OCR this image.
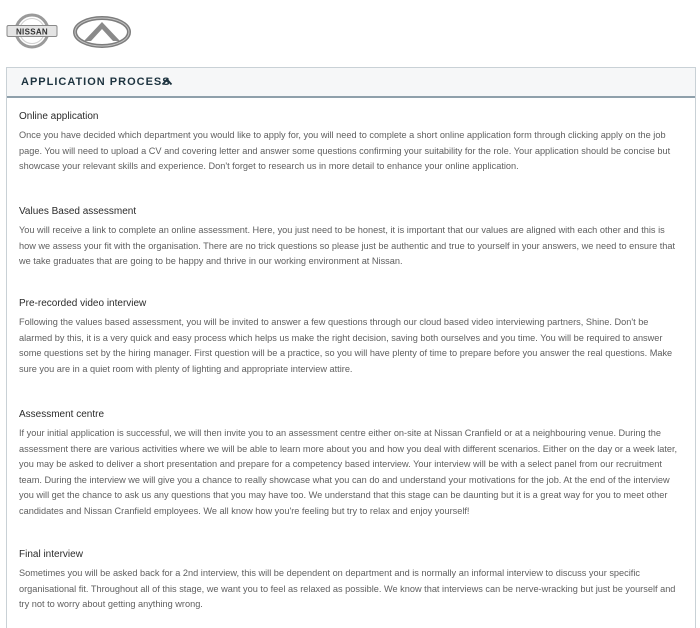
NISSAN
APPLICATION PROCESS
Online application
Once you have decided which department you would like to apply for, you will need to complete a short online application form through clicking apply on the job page. You will need to upload a CV and covering letter and answer some questions confirming your suitability for the role. Your application should be concise but showcase your relevant skills and experience. Don't forget to research us in more detail to enhance your online application.
Values Based assessment
You will receive a link to complete an online assessment. Here, you just need to be honest, it is important that our values are aligned with each other and this is how we assess your fit with the organisation. There are no trick questions so please just be authentic and true to yourself in your answers, we need to ensure that we take graduates that are going to be happy and thrive in our working environment at Nissan.
Pre-recorded video interview
Following the values based assessment, you will be invited to answer a few questions through our cloud based video interviewing partners, Shine. Don't be alarmed by this, it is a very quick and easy process which helps us make the right decision, saving both ourselves and you time. You will be required to answer some questions set by the hiring manager. First question will be a practice, so you will have plenty of time to prepare before you answer the real questions. Make sure you are in a quiet room with plenty of lighting and appropriate interview attire.
Assessment centre
If your initial application is successful, we will then invite you to an assessment centre either on-site at Nissan Cranfield or at a neighbouring venue. During the assessment there are various activities where we will be able to learn more about you and how you deal with different scenarios. Either on the day or a week later, you may be asked to deliver a short presentation and prepare for a competency based interview. Your interview will be with a select panel from our recruitment team. During the interview we will give you a chance to really showcase what you can do and understand your motivations for the job. At the end of the interview you will get the chance to ask us any questions that you may have too. We understand that this stage can be daunting but it is a great way for you to meet other candidates and Nissan Cranfield employees. We all know how you're feeling but try to relax and enjoy yourself!
Final interview
Sometimes you will be asked back for a 2nd interview, this will be dependent on department and is normally an informal interview to discuss your specific organisational fit. Throughout all of this stage, we want you to feel as relaxed as possible. We know that interviews can be nerve-wracking but just be yourself and try not to worry about getting anything wrong.
